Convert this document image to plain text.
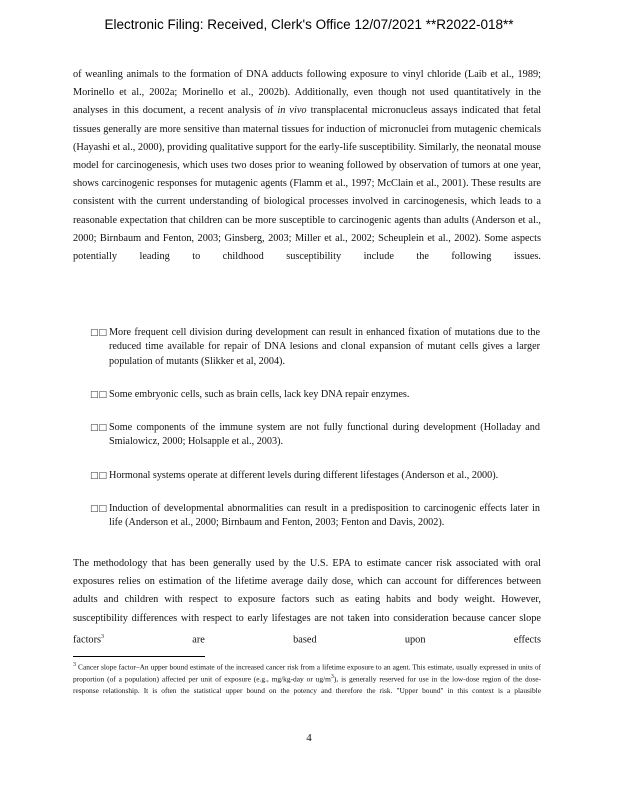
Electronic Filing: Received, Clerk's Office 12/07/2021 **R2022-018**
of weanling animals to the formation of DNA adducts following exposure to vinyl chloride (Laib et al., 1989; Morinello et al., 2002a; Morinello et al., 2002b). Additionally, even though not used quantitatively in the analyses in this document, a recent analysis of in vivo transplacental micronucleus assays indicated that fetal tissues generally are more sensitive than maternal tissues for induction of micronuclei from mutagenic chemicals (Hayashi et al., 2000), providing qualitative support for the early-life susceptibility. Similarly, the neonatal mouse model for carcinogenesis, which uses two doses prior to weaning followed by observation of tumors at one year, shows carcinogenic responses for mutagenic agents (Flamm et al., 1997; McClain et al., 2001). These results are consistent with the current understanding of biological processes involved in carcinogenesis, which leads to a reasonable expectation that children can be more susceptible to carcinogenic agents than adults (Anderson et al., 2000; Birnbaum and Fenton, 2003; Ginsberg, 2003; Miller et al., 2002; Scheuplein et al., 2002). Some aspects potentially leading to childhood susceptibility include the following issues.
□□ More frequent cell division during development can result in enhanced fixation of mutations due to the reduced time available for repair of DNA lesions and clonal expansion of mutant cells gives a larger population of mutants (Slikker et al, 2004).
□□ Some embryonic cells, such as brain cells, lack key DNA repair enzymes.
□□ Some components of the immune system are not fully functional during development (Holladay and Smialowicz, 2000; Holsapple et al., 2003).
□□ Hormonal systems operate at different levels during different lifestages (Anderson et al., 2000).
□□ Induction of developmental abnormalities can result in a predisposition to carcinogenic effects later in life (Anderson et al., 2000; Birnbaum and Fenton, 2003; Fenton and Davis, 2002).
The methodology that has been generally used by the U.S. EPA to estimate cancer risk associated with oral exposures relies on estimation of the lifetime average daily dose, which can account for differences between adults and children with respect to exposure factors such as eating habits and body weight. However, susceptibility differences with respect to early lifestages are not taken into consideration because cancer slope factors$^3$ are based upon effects
$^3$ Cancer slope factor–An upper bound estimate of the increased cancer risk from a lifetime exposure to an agent. This estimate, usually expressed in units of proportion (of a population) affected per unit of exposure (e.g., mg/kg-day or $ug/m^3$), is generally reserved for use in the low-dose region of the dose-response relationship. It is often the statistical upper bound on the potency and therefore the risk. "Upper bound" in this context is a plausible
4
